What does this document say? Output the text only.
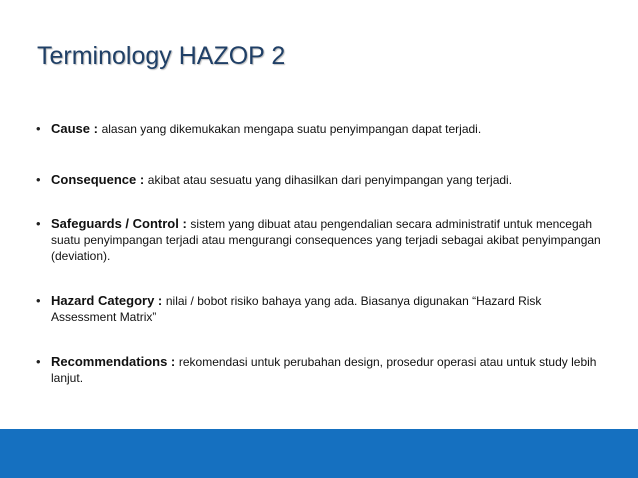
Terminology HAZOP 2
• Cause : alasan yang dikemukakan mengapa suatu penyimpangan dapat terjadi.
• Consequence : akibat atau sesuatu yang dihasilkan dari penyimpangan yang terjadi.
• Safeguards / Control : sistem yang dibuat atau pengendalian secara administratif untuk mencegah suatu penyimpangan terjadi atau mengurangi consequences yang terjadi sebagai akibat penyimpangan (deviation).
• Hazard Category : nilai / bobot risiko bahaya yang ada. Biasanya digunakan “Hazard Risk Assessment Matrix”
• Recommendations : rekomendasi untuk perubahan design, prosedur operasi atau untuk study lebih lanjut.
